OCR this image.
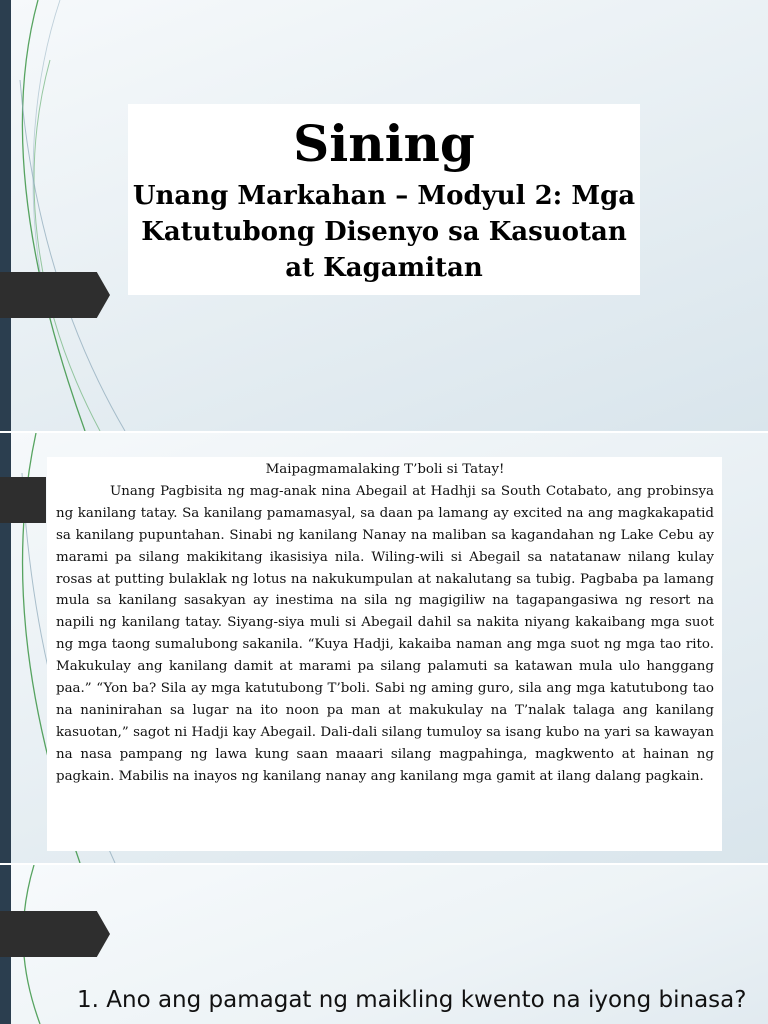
Sining
Unang Markahan – Modyul 2: Mga Katutubong Disenyo sa Kasuotan at Kagamitan
Maipagmamalaking T’boli si Tatay!

Unang Pagbisita ng mag-anak nina Abegail at Hadhji sa South Cotabato, ang probinsya ng kanilang tatay. Sa kanilang pamamasyal, sa daan pa lamang ay excited na ang magkakapatid sa kanilang pupuntahan. Sinabi ng kanilang Nanay na maliban sa kagandahan ng Lake Cebu ay marami pa silang makikitang ikasisiya nila. Wiling-wili si Abegail sa natatanaw nilang kulay rosas at putting bulaklak ng lotus na nakukumpulan at nakalutang sa tubig. Pagbaba pa lamang mula sa kanilang sasakyan ay inestima na sila ng magigiliw na tagapangasiwa ng resort na napili ng kanilang tatay. Siyang-siya muli si Abegail dahil sa nakita niyang kakaibang mga suot ng mga taong sumalubong sakanila. “Kuya Hadji, kakaiba naman ang mga suot ng mga tao rito. Makukulay ang kanilang damit at marami pa silang palamuti sa katawan mula ulo hanggang paa.” “Yon ba? Sila ay mga katutubong T’boli. Sabi ng aming guro, sila ang mga katutubong tao na naninirahan sa lugar na ito noon pa man at makukulay na T’nalak talaga ang kanilang kasuotan,” sagot ni Hadji kay Abegail. Dali-dali silang tumuloy sa isang kubo na yari sa kawayan na nasa pampang ng lawa kung saan maaari silang magpahinga, magkwento at hainan ng pagkain. Mabilis na inayos ng kanilang nanay ang kanilang mga gamit at ilang dalang pagkain.

1. Ano ang pamagat ng maikling kwento na iyong binasa?
